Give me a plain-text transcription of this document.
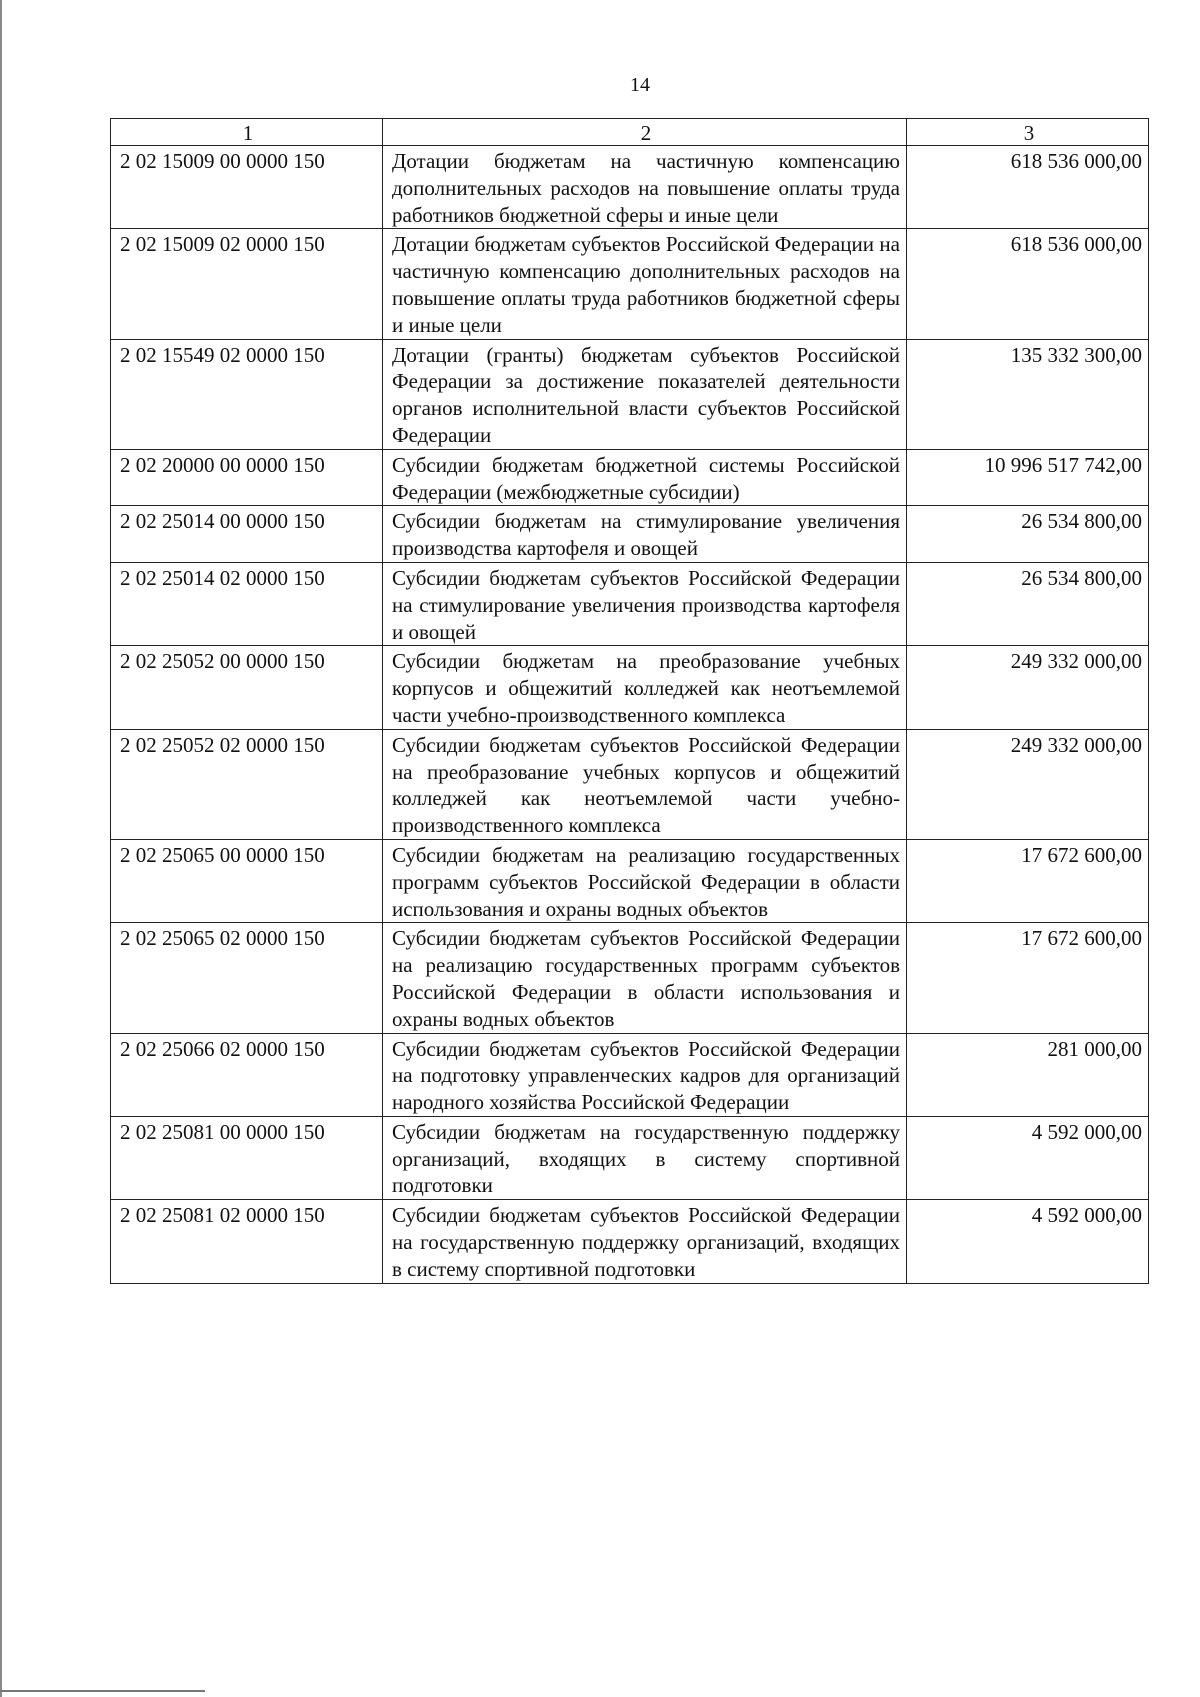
14
1	2	3
2 02 15009 00 0000 150	Дотации бюджетам на частичную компенсацию дополнительных расходов на повышение оплаты труда работников бюджетной сферы и иные цели	618 536 000,00
2 02 15009 02 0000 150	Дотации бюджетам субъектов Российской Федерации на частичную компенсацию дополнительных расходов на повышение оплаты труда работников бюджетной сферы и иные цели	618 536 000,00
2 02 15549 02 0000 150	Дотации (гранты) бюджетам субъектов Российской Федерации за достижение показателей деятельности органов исполнительной власти субъектов Российской Федерации	135 332 300,00
2 02 20000 00 0000 150	Субсидии бюджетам бюджетной системы Российской Федерации (межбюджетные субсидии)	10 996 517 742,00
2 02 25014 00 0000 150	Субсидии бюджетам на стимулирование увеличения производства картофеля и овощей	26 534 800,00
2 02 25014 02 0000 150	Субсидии бюджетам субъектов Российской Федерации на стимулирование увеличения производства картофеля и овощей	26 534 800,00
2 02 25052 00 0000 150	Субсидии бюджетам на преобразование учебных корпусов и общежитий колледжей как неотъемлемой части учебно-производственного комплекса	249 332 000,00
2 02 25052 02 0000 150	Субсидии бюджетам субъектов Российской Федерации на преобразование учебных корпусов и общежитий колледжей как неотъемлемой части учебно-производственного комплекса	249 332 000,00
2 02 25065 00 0000 150	Субсидии бюджетам на реализацию государственных программ субъектов Российской Федерации в области использования и охраны водных объектов	17 672 600,00
2 02 25065 02 0000 150	Субсидии бюджетам субъектов Российской Федерации на реализацию государственных программ субъектов Российской Федерации в области использования и охраны водных объектов	17 672 600,00
2 02 25066 02 0000 150	Субсидии бюджетам субъектов Российской Федерации на подготовку управленческих кадров для организаций народного хозяйства Российской Федерации	281 000,00
2 02 25081 00 0000 150	Субсидии бюджетам на государственную поддержку организаций, входящих в систему спортивной подготовки	4 592 000,00
2 02 25081 02 0000 150	Субсидии бюджетам субъектов Российской Федерации на государственную поддержку организаций, входящих в систему спортивной подготовки	4 592 000,00
